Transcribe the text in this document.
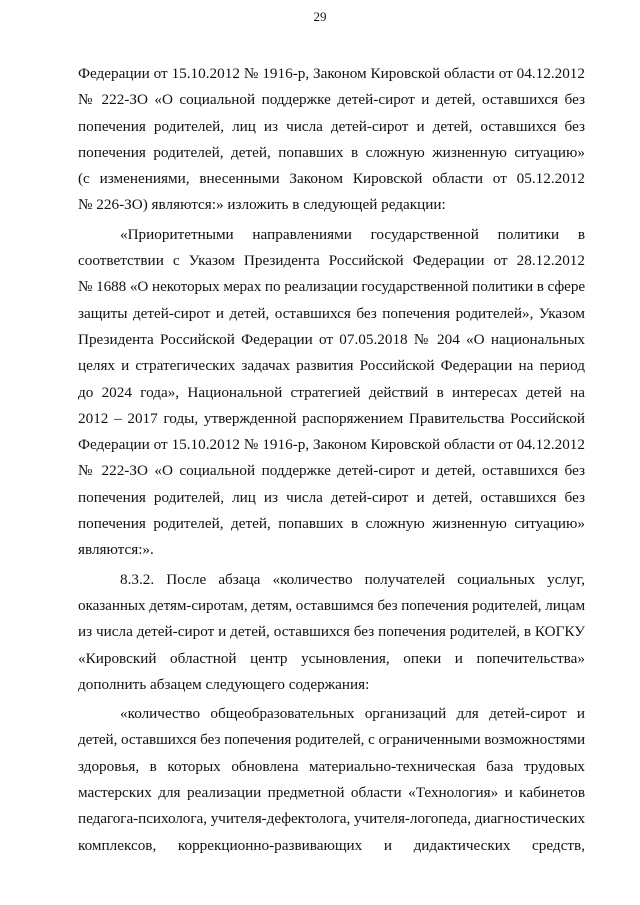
29
Федерации от 15.10.2012 № 1916-р, Законом Кировской области от 04.12.2012
№ 222-ЗО «О социальной поддержке детей-сирот и детей, оставшихся без
попечения родителей, лиц из числа детей-сирот и детей, оставшихся без
попечения родителей, детей, попавших в сложную жизненную ситуацию»
(с изменениями, внесенными Законом Кировской области от 05.12.2012
№ 226-ЗО) являются:» изложить в следующей редакции:
«Приоритетными направлениями государственной политики в
соответствии с Указом Президента Российской Федерации от 28.12.2012
№ 1688 «О некоторых мерах по реализации государственной политики в сфере
защиты детей-сирот и детей, оставшихся без попечения родителей», Указом
Президента Российской Федерации от 07.05.2018 № 204 «О национальных
целях и стратегических задачах развития Российской Федерации на период
до 2024 года», Национальной стратегией действий в интересах детей на
2012 – 2017 годы, утвержденной распоряжением Правительства Российской
Федерации от 15.10.2012 № 1916-р, Законом Кировской области от 04.12.2012
№ 222-ЗО «О социальной поддержке детей-сирот и детей, оставшихся без
попечения родителей, лиц из числа детей-сирот и детей, оставшихся без
попечения родителей, детей, попавших в сложную жизненную ситуацию»
являются:».
8.3.2. После абзаца «количество получателей социальных услуг,
оказанных детям-сиротам, детям, оставшимся без попечения родителей, лицам
из числа детей-сирот и детей, оставшихся без попечения родителей, в КОГКУ
«Кировский областной центр усыновления, опеки и попечительства»
дополнить абзацем следующего содержания:
«количество общеобразовательных организаций для детей-сирот и
детей, оставшихся без попечения родителей, с ограниченными возможностями
здоровья, в которых обновлена материально-техническая база трудовых
мастерских для реализации предметной области «Технология» и кабинетов
педагога-психолога, учителя-дефектолога, учителя-логопеда, диагностических
комплексов, коррекционно-развивающих и дидактических средств,
